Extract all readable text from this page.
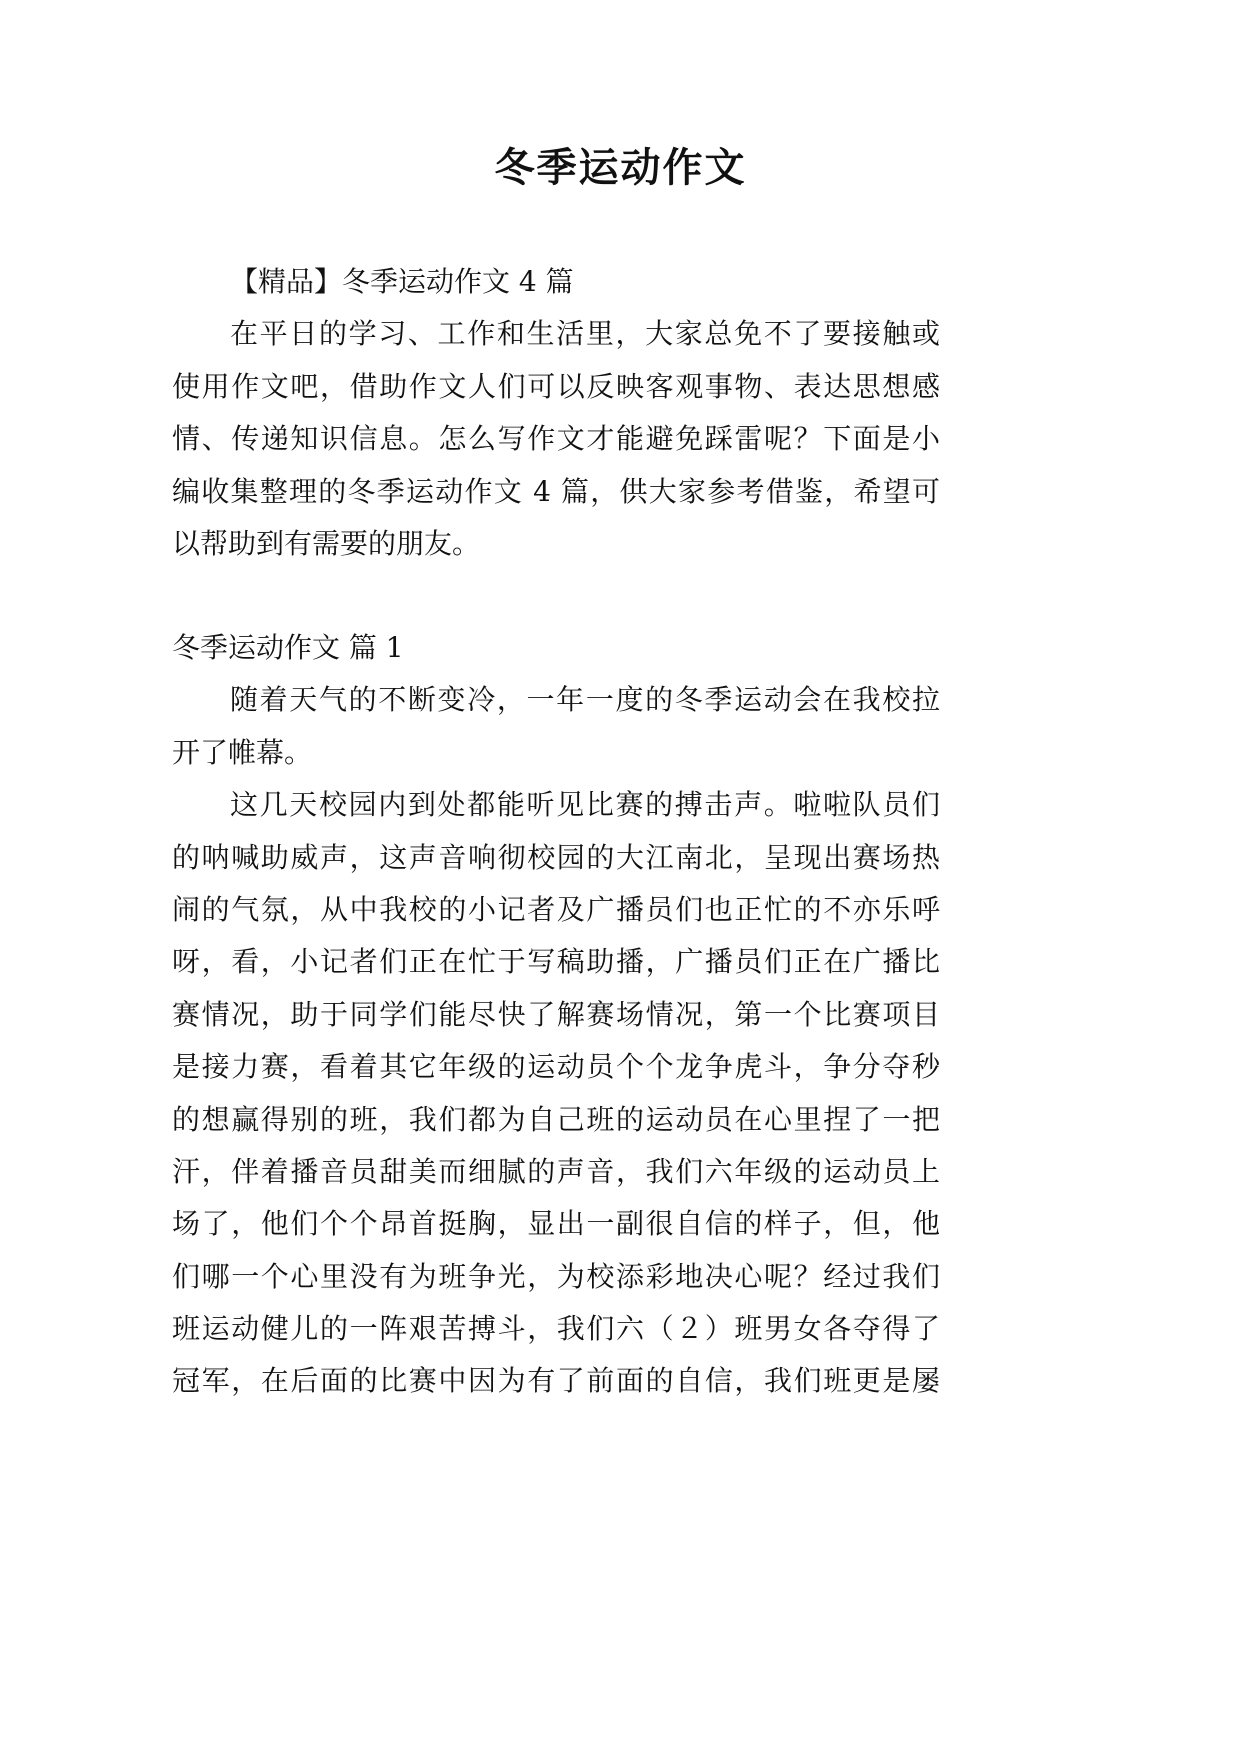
冬季运动作文
【精品】冬季运动作文 4 篇
在平日的学习、工作和生活里，大家总免不了要接触或
使用作文吧，借助作文人们可以反映客观事物、表达思想感
情、传递知识信息。怎么写作文才能避免踩雷呢？下面是小
编收集整理的冬季运动作文 4 篇，供大家参考借鉴，希望可
以帮助到有需要的朋友。
冬季运动作文 篇 1
随着天气的不断变冷，一年一度的冬季运动会在我校拉
开了帷幕。
这几天校园内到处都能听见比赛的搏击声。啦啦队员们
的呐喊助威声，这声音响彻校园的大江南北，呈现出赛场热
闹的气氛，从中我校的小记者及广播员们也正忙的不亦乐呼
呀，看，小记者们正在忙于写稿助播，广播员们正在广播比
赛情况，助于同学们能尽快了解赛场情况，第一个比赛项目
是接力赛，看着其它年级的运动员个个龙争虎斗，争分夺秒
的想赢得别的班，我们都为自己班的运动员在心里捏了一把
汗，伴着播音员甜美而细腻的声音，我们六年级的运动员上
场了，他们个个昂首挺胸，显出一副很自信的样子，但，他
们哪一个心里没有为班争光，为校添彩地决心呢？经过我们
班运动健儿的一阵艰苦搏斗，我们六（２）班男女各夺得了
冠军，在后面的比赛中因为有了前面的自信，我们班更是屡
